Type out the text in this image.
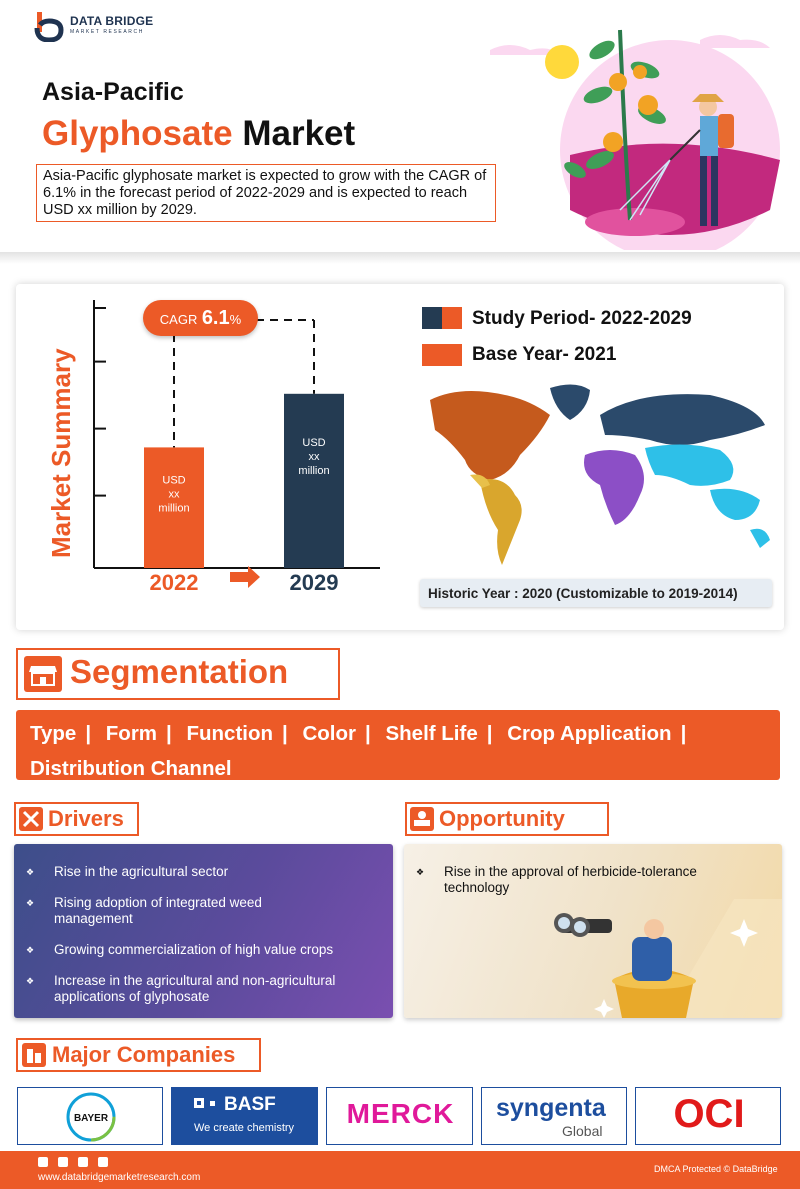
DATA BRIDGE
MARKET RESEARCH
Asia-Pacific
Glyphosate Market
Asia-Pacific glyphosate market is expected to grow with the CAGR of 6.1% in the forecast period of 2022-2029 and is expected to reach USD xx million by 2029.
Market Summary	USD
xx
million
2022
USD
xx
million
2029
CAGR 6.1%	Study Period- 2022-2029
Base Year- 2021
Historic Year : 2020 (Customizable to 2019-2014)
Segmentation
Type | Form | Function | Color | Shelf Life | Crop Application |
Distribution Channel
Drivers
❖ Rise in the agricultural sector
❖ Rising adoption of integrated weed management
❖ Growing commercialization of high value crops
❖ Increase in the agricultural and non-agricultural applications of glyphosate
Opportunity
❖ Rise in the approval of herbicide-tolerance technology
Major Companies
BAYER
BASF
We create chemistry	MERCK	syngenta
Global	OCI
www.databridgemarketresearch.com
DMCA Protected © DataBridge
